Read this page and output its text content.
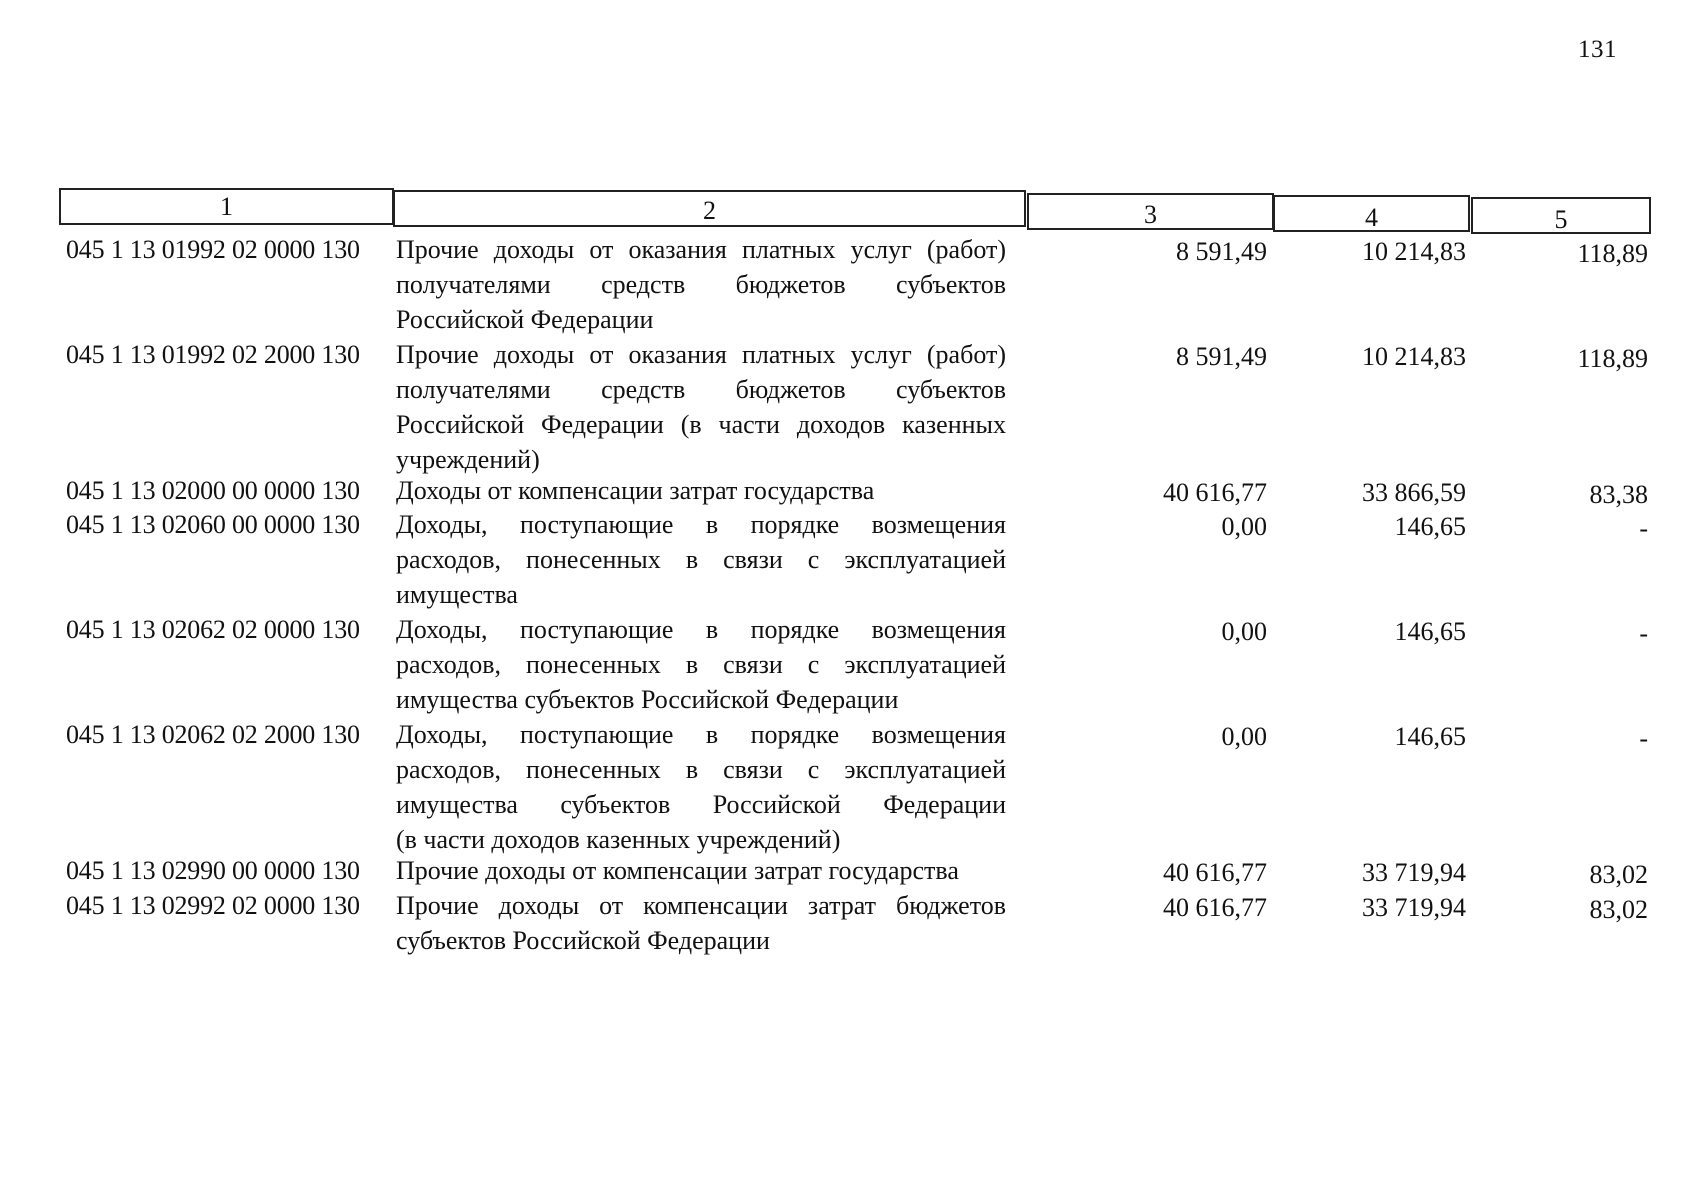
131
1	2	3	4	5
045 1 13 01992 02 0000 130 Прочие доходы от оказания платных услуг (работ)
получателями средств бюджетов субъектов
Российской Федерации
8 591,49	10 214,83	118,89
045 1 13 01992 02 2000 130 Прочие доходы от оказания платных услуг (работ)
получателями средств бюджетов субъектов
Российской Федерации (в части доходов казенных
учреждений)
8 591,49	10 214,83	118,89
045 1 13 02000 00 0000 130 Доходы от компенсации затрат государства	40 616,77	33 866,59	83,38
045 1 13 02060 00 0000 130 Доходы, поступающие в порядке возмещения
расходов, понесенных в связи с эксплуатацией
имущества
0,00	146,65	-
045 1 13 02062 02 0000 130 Доходы, поступающие в порядке возмещения
расходов, понесенных в связи с эксплуатацией
имущества субъектов Российской Федерации
0,00	146,65	-
045 1 13 02062 02 2000 130 Доходы, поступающие в порядке возмещения
расходов, понесенных в связи с эксплуатацией
имущества субъектов Российской Федерации
(в части доходов казенных учреждений)
0,00	146,65	-
045 1 13 02990 00 0000 130 Прочие доходы от компенсации затрат государства	40 616,77	33 719,94	83,02
045 1 13 02992 02 0000 130 Прочие доходы от компенсации затрат бюджетов
субъектов Российской Федерации
40 616,77	33 719,94	83,02
